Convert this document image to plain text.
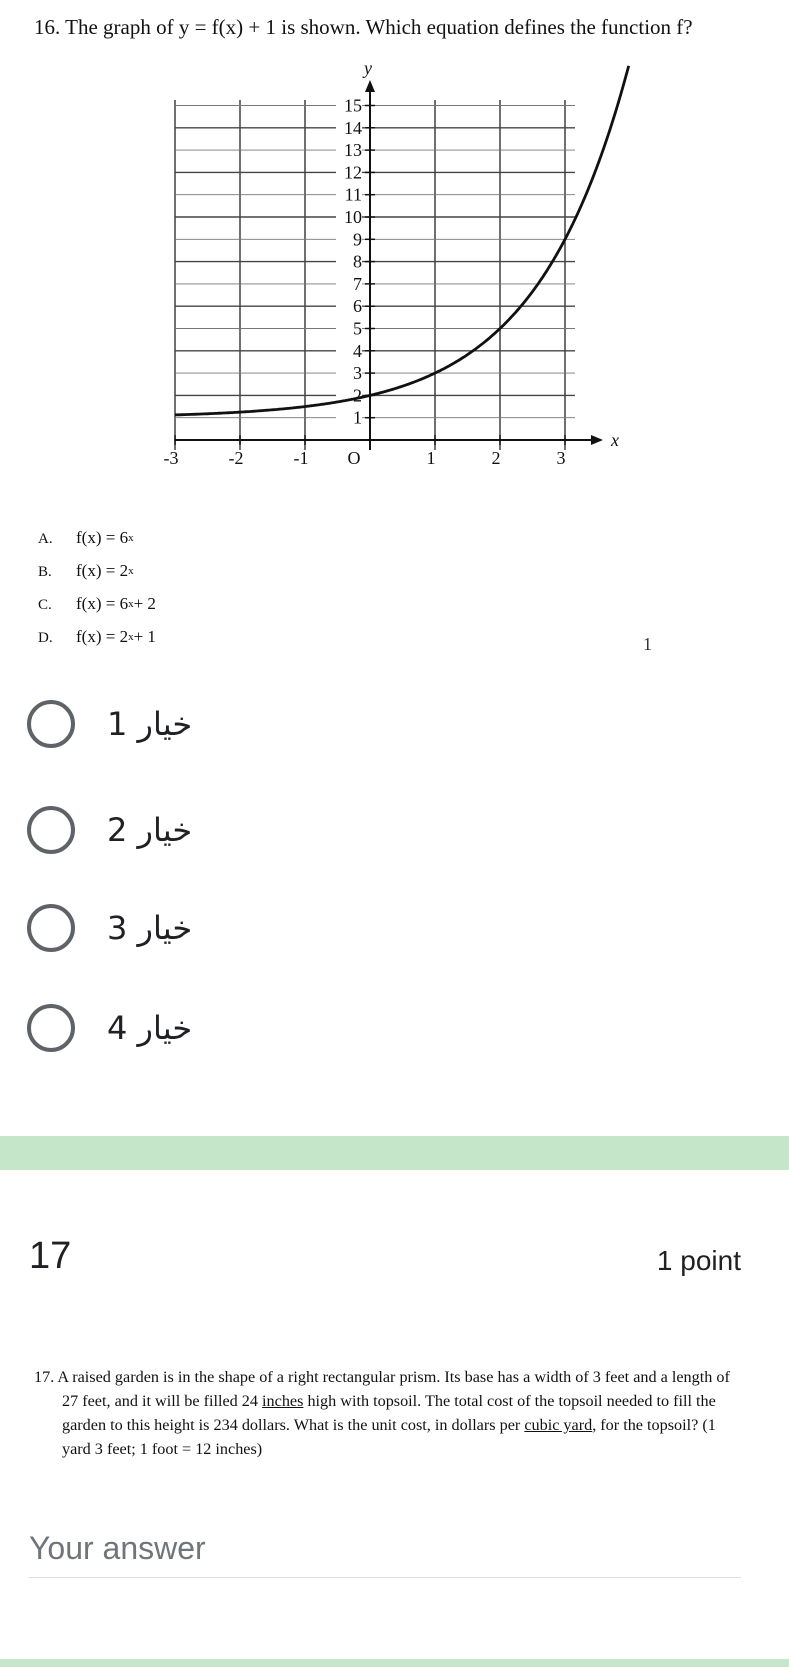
16. The graph of y = f(x) + 1 is shown. Which equation defines the function f?
x
y
-3	-2	-1 O	1	2	3
1
2
3
4
5
6
7
8
9
10
11
12
13
14
15
A.	$f(x) = 6^x$
B.	$f(x) = 2^x$
C.	$f(x) = 6^x + 2$
D.	$f(x) = 2^x + 1$	1
خيار 1
خيار 2
خيار 3
خيار 4
17	1 point
17. A raised garden is in the shape of a right rectangular prism. Its base has a width of 3 feet and a length of 27 feet, and it will be filled 24 inches high with topsoil. The total cost of the topsoil needed to fill the garden to this height is 234 dollars. What is the unit cost, in dollars per cubic yard, for the topsoil? (1 yard 3 feet; 1 foot = 12 inches)
Your answer
